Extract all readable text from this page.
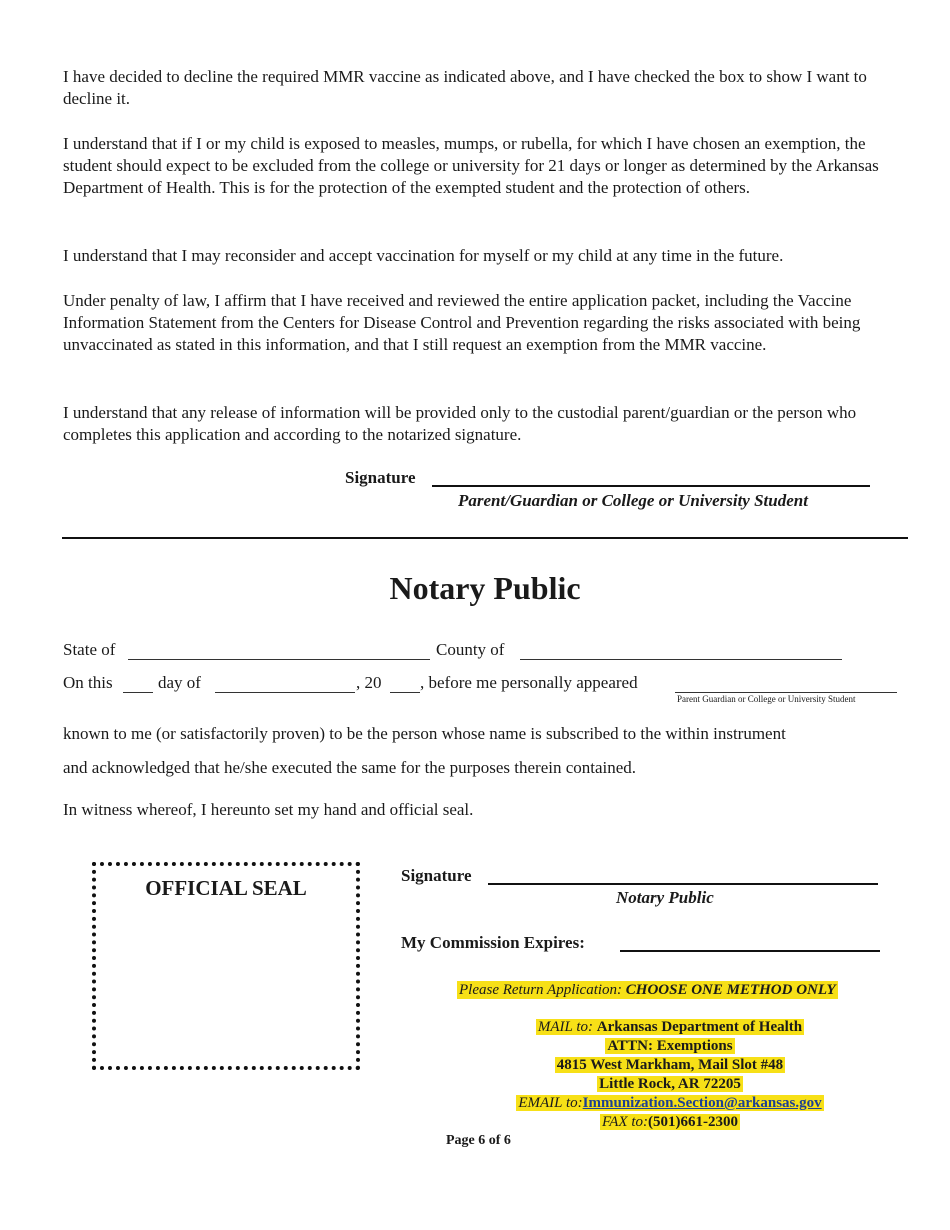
I have decided to decline the required MMR vaccine as indicated above, and I have checked the box to show I want to decline it.

I understand that if I or my child is exposed to measles, mumps, or rubella, for which I have chosen an exemption, the student should expect to be excluded from the college or university for 21 days or longer as determined by the Arkansas Department of Health. This is for the protection of the exempted student and the protection of others.

I understand that I may reconsider and accept vaccination for myself or my child at any time in the future.

Under penalty of law, I affirm that I have received and reviewed the entire application packet, including the Vaccine Information Statement from the Centers for Disease Control and Prevention regarding the risks associated with being unvaccinated as stated in this information, and that I still request an exemption from the MMR vaccine.

I understand that any release of information will be provided only to the custodial parent/guardian or the person who completes this application and according to the notarized signature.

Signature
Parent/Guardian or College or University Student
Notary Public
State of	County of
On this	day of	, 20 , before me personally appeared
Parent Guardian or College or University Student
known to me (or satisfactorily proven) to be the person whose name is subscribed to the within instrument
and acknowledged that he/she executed the same for the purposes therein contained.
In witness whereof, I hereunto set my hand and official seal.
OFFICIAL SEAL
Signature
Notary Public
My Commission Expires:
Please Return Application: CHOOSE ONE METHOD ONLY
MAIL to: Arkansas Department of Health
ATTN: Exemptions
4815 West Markham, Mail Slot #48
Little Rock, AR 72205
EMAIL to:Immunization.Section@arkansas.gov
FAX to:(501)661-2300
Page 6 of 6
